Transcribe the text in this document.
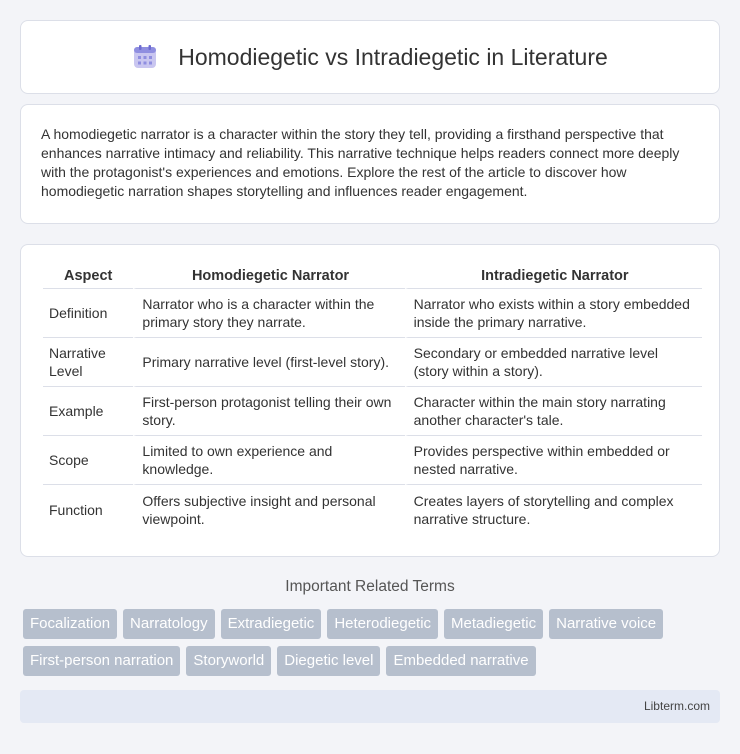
Homodiegetic vs Intradiegetic in Literature

A homodiegetic narrator is a character within the story they tell, providing a firsthand perspective that enhances narrative intimacy and reliability. This narrative technique helps readers connect more deeply with the protagonist's experiences and emotions. Explore the rest of the article to discover how homodiegetic narration shapes storytelling and influences reader engagement.

Aspect	Homodiegetic Narrator	Intradiegetic Narrator
Definition	Narrator who is a character within the primary story they narrate.	Narrator who exists within a story embedded inside the primary narrative.
Narrative Level	Primary narrative level (first-level story).	Secondary or embedded narrative level (story within a story).
Example	First-person protagonist telling their own story.	Character within the main story narrating another character's tale.
Scope	Limited to own experience and knowledge.	Provides perspective within embedded or nested narrative.
Function	Offers subjective insight and personal viewpoint.	Creates layers of storytelling and complex narrative structure.
Important Related Terms
Focalization	Narratology	Extradiegetic	Heterodiegetic	Metadiegetic	Narrative voice
First-person narration	Storyworld	Diegetic level	Embedded narrative
Libterm.com
